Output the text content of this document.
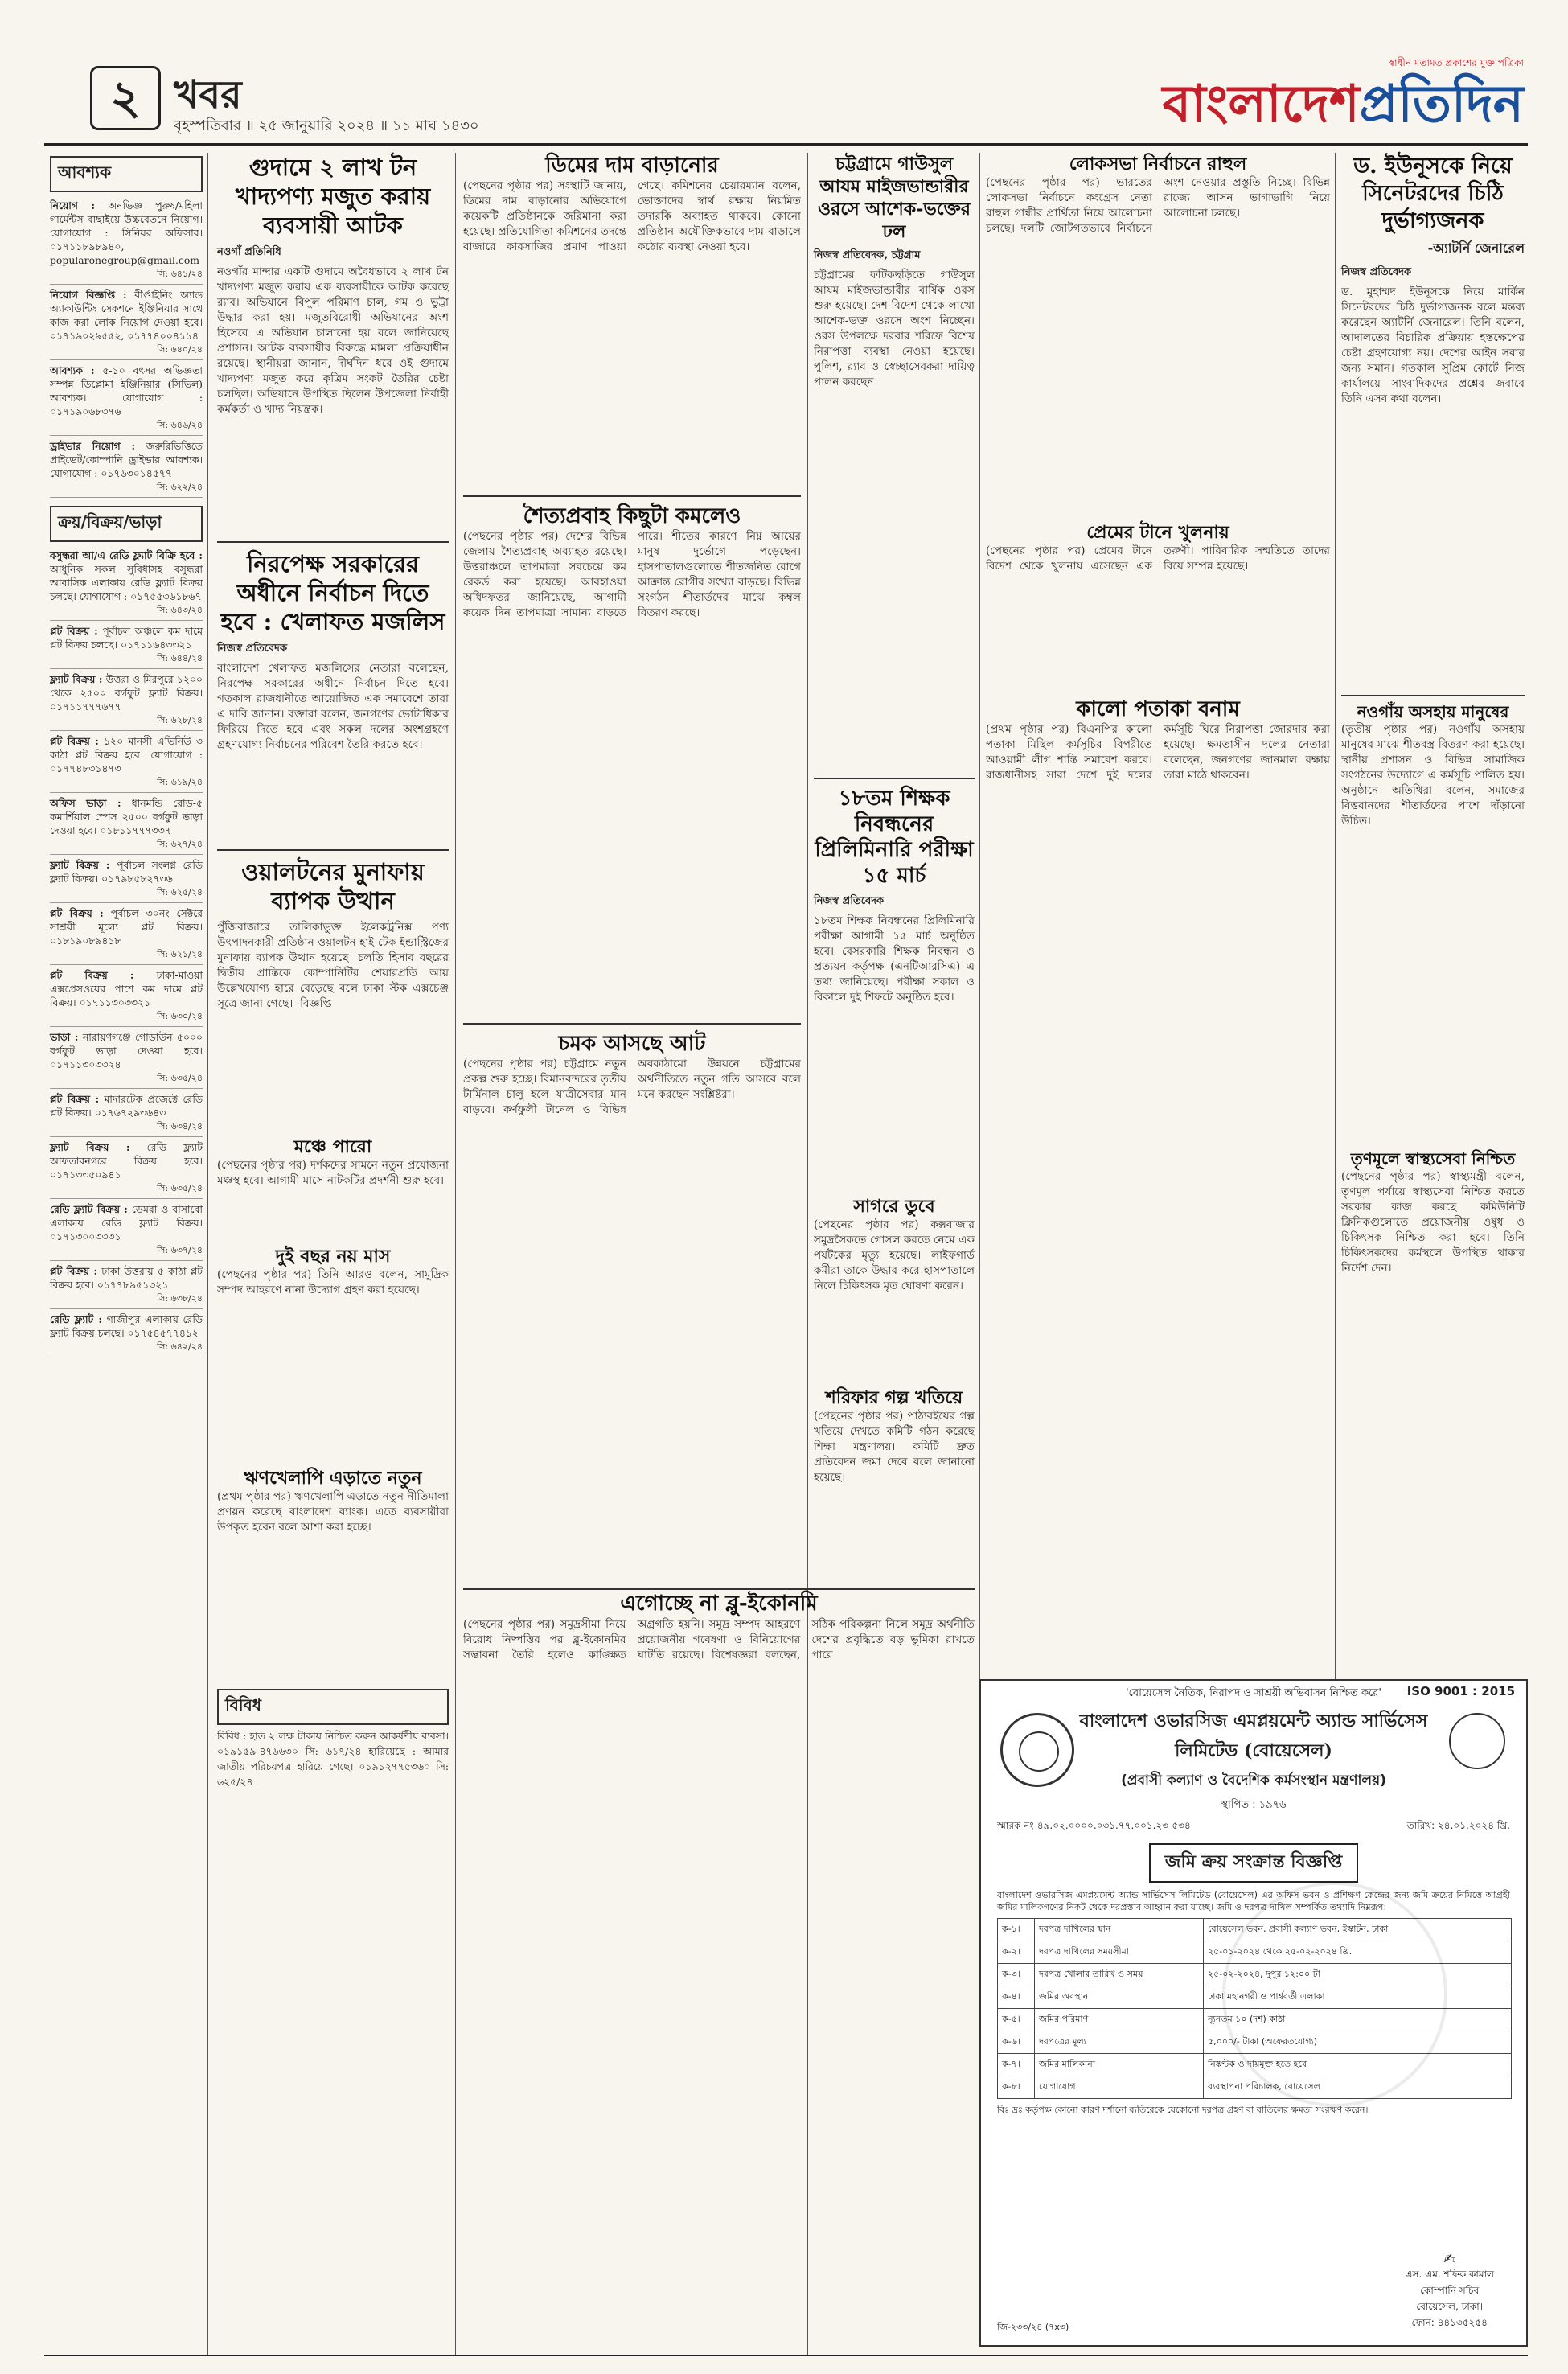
২ খবর
বৃহস্পতিবার ॥ ২৫ জানুয়ারি ২০২৪ ॥ ১১ মাঘ ১৪৩০
স্বাধীন মতামত প্রকাশের মুক্ত পত্রিকা
বাংলাদেশপ্রতিদিন
আবশ্যক
নিয়োগ : অনভিজ্ঞ পুরুষ/মহিলা গার্মেন্টস বাছাইয়ে উচ্চবেতনে নিয়োগ। যোগাযোগ : সিনিয়র অফিসার। ০১৭১১৮৯৮৯৪০, popularonegroup@gmail.com
সি: ৬৪১/২৪
নিয়োগ বিজ্ঞপ্তি : বীর্ণ্ডাইনিং অ্যান্ড অ্যাকাউন্টিং সেকশনে ইঞ্জিনিয়ার সাথে কাজ করা লোক নিয়োগ দেওয়া হবে। ০১৭১৯০২৯৫৫২, ০১৭৭৪০০৪১১৪
সি: ৬৪০/২৪
আবশ্যক : ৫-১০ বৎসর অভিজ্ঞতা সম্পন্ন ডিপ্লোমা ইঞ্জিনিয়ার (সিভিল) আবশ্যক। যোগাযোগ : ০১৭১৯০৬৮৩৭৬
সি: ৬৪৬/২৪
ড্রাইভার নিয়োগ : জরুরিভিত্তিতে প্রাইভেট/কোম্পানি ড্রাইভার আবশ্যক। যোগাযোগ : ০১৭৬৩০১৪৫৭৭
সি: ৬২২/২৪
ক্রয়/বিক্রয়/ভাড়া
বসুন্ধরা আ/এ রেডি ফ্ল্যাট বিক্রি হবে : আধুনিক সকল সুবিধাসহ বসুন্ধরা আবাসিক এলাকায় রেডি ফ্ল্যাট বিক্রয় চলছে। যোগাযোগ : ০১৭৫৫৩৬১৮৬৭
সি: ৬৪৩/২৪
প্লট বিক্রয় : পূর্বাচল অঞ্চলে কম দামে প্লট বিক্রয় চলছে। ০১৭১১৬৪৩৩২১
সি: ৬৪৪/২৪
ফ্ল্যাট বিক্রয় : উত্তরা ও মিরপুরে ১২০০ থেকে ২৫০০ বর্গফুট ফ্ল্যাট বিক্রয়। ০১৭১১৭৭৭৬৭৭
সি: ৬২৮/২৪
প্লট বিক্রয় : ১২০ মানসী এভিনিউ ৩ কাঠা প্লট বিক্রয় হবে। যোগাযোগ : ০১৭৭৪৮৩১৪৭৩
সি: ৬১৯/২৪
অফিস ভাড়া : ধানমন্ডি রোড-৫ কমার্শিয়াল স্পেস ২৫০০ বর্গফুট ভাড়া দেওয়া হবে। ০১৮১১৭৭৭৩৩৭
সি: ৬২৭/২৪
ফ্ল্যাট বিক্রয় : পূর্বাচল সংলগ্ন রেডি ফ্ল্যাট বিক্রয়। ০১৭৯৮৫৮২৭৩৬
সি: ৬২৫/২৪
প্লট বিক্রয় : পূর্বাচল ৩০নং সেক্টরে সাশ্রয়ী মূল্যে প্লট বিক্রয়। ০১৮১৯০৮৯৪১৮
সি: ৬২১/২৪
প্লট বিক্রয় : ঢাকা-মাওয়া এক্সপ্রেসওয়ের পাশে কম দামে প্লট বিক্রয়। ০১৭১১৩০৩৩২১
সি: ৬৩০/২৪
ভাড়া : নারায়ণগঞ্জে গোডাউন ৫০০০ বর্গফুট ভাড়া দেওয়া হবে। ০১৭১১৩০৩৩২৪
সি: ৬৩৫/২৪
প্লট বিক্রয় : মাদারটেক প্রজেক্টে রেডি প্লট বিক্রয়। ০১৭৬৭২৯৩৬৪৩
সি: ৬৩৪/২৪
ফ্ল্যাট বিক্রয় : রেডি ফ্ল্যাট আফতাবনগরে বিক্রয় হবে। ০১৭১৩৩৫০৯৪১
সি: ৬৩৫/২৪
রেডি ফ্ল্যাট বিক্রয় : ডেমরা ও বাসাবো এলাকায় রেডি ফ্ল্যাট বিক্রয়। ০১৭১৩০০৩৩৩১
সি: ৬৩৭/২৪
প্লট বিক্রয় : ঢাকা উত্তরায় ৫ কাঠা প্লট বিক্রয় হবে। ০১৭৭৮৯৫১৩২১
সি: ৬৩৮/২৪
রেডি ফ্ল্যাট : গাজীপুর এলাকায় রেডি ফ্ল্যাট বিক্রয় চলছে। ০১৭৫৪৫৭৭৪১২
সি: ৬৪২/২৪
গুদামে ২ লাখ টন খাদ্যপণ্য মজুত করায় ব্যবসায়ী আটক
নওগাঁ প্রতিনিধি
নওগাঁর মান্দার একটি গুদামে অবৈধভাবে ২ লাখ টন খাদ্যপণ্য মজুত করায় এক ব্যবসায়ীকে আটক করেছে র‌্যাব। অভিযানে বিপুল পরিমাণ চাল, গম ও ভুট্টা উদ্ধার করা হয়। মজুতবিরোধী অভিযানের অংশ হিসেবে এ অভিযান চালানো হয় বলে জানিয়েছে প্রশাসন। আটক ব্যবসায়ীর বিরুদ্ধে মামলা প্রক্রিয়াধীন রয়েছে। স্থানীয়রা জানান, দীর্ঘদিন ধরে ওই গুদামে খাদ্যপণ্য মজুত করে কৃত্রিম সংকট তৈরির চেষ্টা চলছিল। অভিযানে উপস্থিত ছিলেন উপজেলা নির্বাহী কর্মকর্তা ও খাদ্য নিয়ন্ত্রক।
নিরপেক্ষ সরকারের অধীনে নির্বাচন দিতে হবে : খেলাফত মজলিস
নিজস্ব প্রতিবেদক
বাংলাদেশ খেলাফত মজলিসের নেতারা বলেছেন, নিরপেক্ষ সরকারের অধীনে নির্বাচন দিতে হবে। গতকাল রাজধানীতে আয়োজিত এক সমাবেশে তারা এ দাবি জানান। বক্তারা বলেন, জনগণের ভোটাধিকার ফিরিয়ে দিতে হবে এবং সকল দলের অংশগ্রহণে গ্রহণযোগ্য নির্বাচনের পরিবেশ তৈরি করতে হবে।
ওয়ালটনের মুনাফায় ব্যাপক উত্থান
পুঁজিবাজারে তালিকাভুক্ত ইলেকট্রনিক্স পণ্য উৎপাদনকারী প্রতিষ্ঠান ওয়ালটন হাই-টেক ইন্ডাস্ট্রিজের মুনাফায় ব্যাপক উত্থান হয়েছে। চলতি হিসাব বছরের দ্বিতীয় প্রান্তিকে কোম্পানিটির শেয়ারপ্রতি আয় উল্লেখযোগ্য হারে বেড়েছে বলে ঢাকা স্টক এক্সচেঞ্জ সূত্রে জানা গেছে। -বিজ্ঞপ্তি
মঞ্চে পারো
(পেছনের পৃষ্ঠার পর) দর্শকদের সামনে নতুন প্রযোজনা মঞ্চস্থ হবে। আগামী মাসে নাটকটির প্রদর্শনী শুরু হবে।
দুই বছর নয় মাস
(পেছনের পৃষ্ঠার পর) তিনি আরও বলেন, সামুদ্রিক সম্পদ আহরণে নানা উদ্যোগ গ্রহণ করা হয়েছে।
ঋণখেলাপি এড়াতে নতুন
(প্রথম পৃষ্ঠার পর) ঋণখেলাপি এড়াতে নতুন নীতিমালা প্রণয়ন করেছে বাংলাদেশ ব্যাংক। এতে ব্যবসায়ীরা উপকৃত হবেন বলে আশা করা হচ্ছে।
বিবিধ
বিবিধ : হাত ২ লক্ষ টাকায় নিশ্চিত করুন আকর্ষণীয় ব্যবসা। ০১৯১৫৯-৪৭৬৬৩০ সি: ৬১৭/২৪ হারিয়েছে : আমার জাতীয় পরিচয়পত্র হারিয়ে গেছে। ০১৯১২৭৭৫৩৬০ সি: ৬২৫/২৪
ডিমের দাম বাড়ানোর
(পেছনের পৃষ্ঠার পর) সংস্থাটি জানায়, ডিমের দাম বাড়ানোর অভিযোগে কয়েকটি প্রতিষ্ঠানকে জরিমানা করা হয়েছে। প্রতিযোগিতা কমিশনের তদন্তে বাজারে কারসাজির প্রমাণ পাওয়া গেছে। কমিশনের চেয়ারম্যান বলেন, ভোক্তাদের স্বার্থ রক্ষায় নিয়মিত তদারকি অব্যাহত থাকবে। কোনো প্রতিষ্ঠান অযৌক্তিকভাবে দাম বাড়ালে কঠোর ব্যবস্থা নেওয়া হবে।
শৈত্যপ্রবাহ কিছুটা কমলেও
(পেছনের পৃষ্ঠার পর) দেশের বিভিন্ন জেলায় শৈত্যপ্রবাহ অব্যাহত রয়েছে। উত্তরাঞ্চলে তাপমাত্রা সবচেয়ে কম রেকর্ড করা হয়েছে। আবহাওয়া অধিদফতর জানিয়েছে, আগামী কয়েক দিন তাপমাত্রা সামান্য বাড়তে পারে। শীতের কারণে নিম্ন আয়ের মানুষ দুর্ভোগে পড়েছেন। হাসপাতালগুলোতে শীতজনিত রোগে আক্রান্ত রোগীর সংখ্যা বাড়ছে। বিভিন্ন সংগঠন শীতার্তদের মাঝে কম্বল বিতরণ করছে।
চমক আসছে আট
(পেছনের পৃষ্ঠার পর) চট্টগ্রামে নতুন প্রকল্প শুরু হচ্ছে। বিমানবন্দরের তৃতীয় টার্মিনাল চালু হলে যাত্রীসেবার মান বাড়বে। কর্ণফুলী টানেল ও বিভিন্ন অবকাঠামো উন্নয়নে চট্টগ্রামের অর্থনীতিতে নতুন গতি আসবে বলে মনে করছেন সংশ্লিষ্টরা।
এগোচ্ছে না ব্লু-ইকোনমি
(পেছনের পৃষ্ঠার পর) সমুদ্রসীমা নিয়ে বিরোধ নিষ্পত্তির পর ব্লু-ইকোনমির সম্ভাবনা তৈরি হলেও কাঙ্ক্ষিত অগ্রগতি হয়নি। সমুদ্র সম্পদ আহরণে প্রয়োজনীয় গবেষণা ও বিনিয়োগের ঘাটতি রয়েছে। বিশেষজ্ঞরা বলছেন, সঠিক পরিকল্পনা নিলে সমুদ্র অর্থনীতি দেশের প্রবৃদ্ধিতে বড় ভূমিকা রাখতে পারে।
চট্টগ্রামে গাউসুল আযম মাইজভান্ডারীর ওরসে আশেক-ভক্তের ঢল
নিজস্ব প্রতিবেদক, চট্টগ্রাম
চট্টগ্রামের ফটিকছড়িতে গাউসুল আযম মাইজভান্ডারীর বার্ষিক ওরস শুরু হয়েছে। দেশ-বিদেশ থেকে লাখো আশেক-ভক্ত ওরসে অংশ নিচ্ছেন। ওরস উপলক্ষে দরবার শরিফে বিশেষ নিরাপত্তা ব্যবস্থা নেওয়া হয়েছে। পুলিশ, র‌্যাব ও স্বেচ্ছাসেবকরা দায়িত্ব পালন করছেন।
১৮তম শিক্ষক নিবন্ধনের প্রিলিমিনারি পরীক্ষা ১৫ মার্চ
নিজস্ব প্রতিবেদক
১৮তম শিক্ষক নিবন্ধনের প্রিলিমিনারি পরীক্ষা আগামী ১৫ মার্চ অনুষ্ঠিত হবে। বেসরকারি শিক্ষক নিবন্ধন ও প্রত্যয়ন কর্তৃপক্ষ (এনটিআরসিএ) এ তথ্য জানিয়েছে। পরীক্ষা সকাল ও বিকালে দুই শিফটে অনুষ্ঠিত হবে।
সাগরে ডুবে
(পেছনের পৃষ্ঠার পর) কক্সবাজার সমুদ্রসৈকতে গোসল করতে নেমে এক পর্যটকের মৃত্যু হয়েছে। লাইফগার্ড কর্মীরা তাকে উদ্ধার করে হাসপাতালে নিলে চিকিৎসক মৃত ঘোষণা করেন।
শরিফার গল্প খতিয়ে
(পেছনের পৃষ্ঠার পর) পাঠ্যবইয়ের গল্প খতিয়ে দেখতে কমিটি গঠন করেছে শিক্ষা মন্ত্রণালয়। কমিটি দ্রুত প্রতিবেদন জমা দেবে বলে জানানো হয়েছে।
লোকসভা নির্বাচনে রাহুল
(পেছনের পৃষ্ঠার পর) ভারতের লোকসভা নির্বাচনে কংগ্রেস নেতা রাহুল গান্ধীর প্রার্থিতা নিয়ে আলোচনা চলছে। দলটি জোটগতভাবে নির্বাচনে অংশ নেওয়ার প্রস্তুতি নিচ্ছে। বিভিন্ন রাজ্যে আসন ভাগাভাগি নিয়ে আলোচনা চলছে।
প্রেমের টানে খুলনায়
(পেছনের পৃষ্ঠার পর) প্রেমের টানে বিদেশ থেকে খুলনায় এসেছেন এক তরুণী। পারিবারিক সম্মতিতে তাদের বিয়ে সম্পন্ন হয়েছে।
কালো পতাকা বনাম
(প্রথম পৃষ্ঠার পর) বিএনপির কালো পতাকা মিছিল কর্মসূচির বিপরীতে আওয়ামী লীগ শান্তি সমাবেশ করবে। রাজধানীসহ সারা দেশে দুই দলের কর্মসূচি ঘিরে নিরাপত্তা জোরদার করা হয়েছে। ক্ষমতাসীন দলের নেতারা বলেছেন, জনগণের জানমাল রক্ষায় তারা মাঠে থাকবেন।
ড. ইউনূসকে নিয়ে সিনেটরদের চিঠি দুর্ভাগ্যজনক
-অ্যাটর্নি জেনারেল
নিজস্ব প্রতিবেদক
ড. মুহাম্মদ ইউনূসকে নিয়ে মার্কিন সিনেটরদের চিঠি দুর্ভাগ্যজনক বলে মন্তব্য করেছেন অ্যাটর্নি জেনারেল। তিনি বলেন, আদালতের বিচারিক প্রক্রিয়ায় হস্তক্ষেপের চেষ্টা গ্রহণযোগ্য নয়। দেশের আইন সবার জন্য সমান। গতকাল সুপ্রিম কোর্টে নিজ কার্যালয়ে সাংবাদিকদের প্রশ্নের জবাবে তিনি এসব কথা বলেন।
নওগাঁয় অসহায় মানুষের
(তৃতীয় পৃষ্ঠার পর) নওগাঁয় অসহায় মানুষের মাঝে শীতবস্ত্র বিতরণ করা হয়েছে। স্থানীয় প্রশাসন ও বিভিন্ন সামাজিক সংগঠনের উদ্যোগে এ কর্মসূচি পালিত হয়। অনুষ্ঠানে অতিথিরা বলেন, সমাজের বিত্তবানদের শীতার্তদের পাশে দাঁড়ানো উচিত।
তৃণমূলে স্বাস্থ্যসেবা নিশ্চিত
(পেছনের পৃষ্ঠার পর) স্বাস্থ্যমন্ত্রী বলেন, তৃণমূল পর্যায়ে স্বাস্থ্যসেবা নিশ্চিত করতে সরকার কাজ করছে। কমিউনিটি ক্লিনিকগুলোতে প্রয়োজনীয় ওষুধ ও চিকিৎসক নিশ্চিত করা হবে। তিনি চিকিৎসকদের কর্মস্থলে উপস্থিত থাকার নির্দেশ দেন।
'বোয়েসেল নৈতিক, নিরাপদ ও সাশ্রয়ী অভিবাসন নিশ্চিত করে'	ISO 9001 : 2015
বাংলাদেশ ওভারসিজ এমপ্লয়মেন্ট অ্যান্ড সার্ভিসেস লিমিটেড (বোয়েসেল)
(প্রবাসী কল্যাণ ও বৈদেশিক কর্মসংস্থান মন্ত্রণালয়)
স্থাপিত : ১৯৭৬
স্মারক নং-৪৯.০২.০০০০.০৩১.৭৭.০০১.২৩-৫৩৪	তারিখ: ২৪.০১.২০২৪ খ্রি.
জমি ক্রয় সংক্রান্ত বিজ্ঞপ্তি
বাংলাদেশ ওভারসিজ এমপ্লয়মেন্ট অ্যান্ড সার্ভিসেস লিমিটেড (বোয়েসেল) এর অফিস ভবন ও প্রশিক্ষণ কেন্দ্রের জন্য জমি ক্রয়ের নিমিত্তে আগ্রহী জমির মালিকগণের নিকট থেকে দরপ্রস্তাব আহ্বান করা যাচ্ছে। জমি ও দরপত্র দাখিল সম্পর্কিত তথ্যাদি নিম্নরূপ:
ক-১।	দরপত্র দাখিলের স্থান	বোয়েসেল ভবন, প্রবাসী কল্যাণ ভবন, ইস্কাটন, ঢাকা
ক-২।	দরপত্র দাখিলের সময়সীমা	২৫-০১-২০২৪ থেকে ২৫-০২-২০২৪ খ্রি.
ক-৩।	দরপত্র খোলার তারিখ ও সময়	২৫-০২-২০২৪, দুপুর ১২:০০ টা
ক-৪।	জমির অবস্থান	ঢাকা মহানগরী ও পার্শ্ববর্তী এলাকা
ক-৫।	জমির পরিমাণ	ন্যূনতম ১০ (দশ) কাঠা
ক-৬।	দরপত্রের মূল্য	৫,০০০/- টাকা (অফেরতযোগ্য)
ক-৭।	জমির মালিকানা	নিষ্কণ্টক ও দায়মুক্ত হতে হবে
ক-৮।	যোগাযোগ	ব্যবস্থাপনা পরিচালক, বোয়েসেল
বিঃ দ্রঃ কর্তৃপক্ষ কোনো কারণ দর্শানো ব্যতিরেকে যেকোনো দরপত্র গ্রহণ বা বাতিলের ক্ষমতা সংরক্ষণ করেন।
✍
এস. এম. শফিক কামাল
কোম্পানি সচিব
বোয়েসেল, ঢাকা।
ফোন: ৪৪১৩৫২৫৪
জি-২৩৩/২৪ (৭x৩)
